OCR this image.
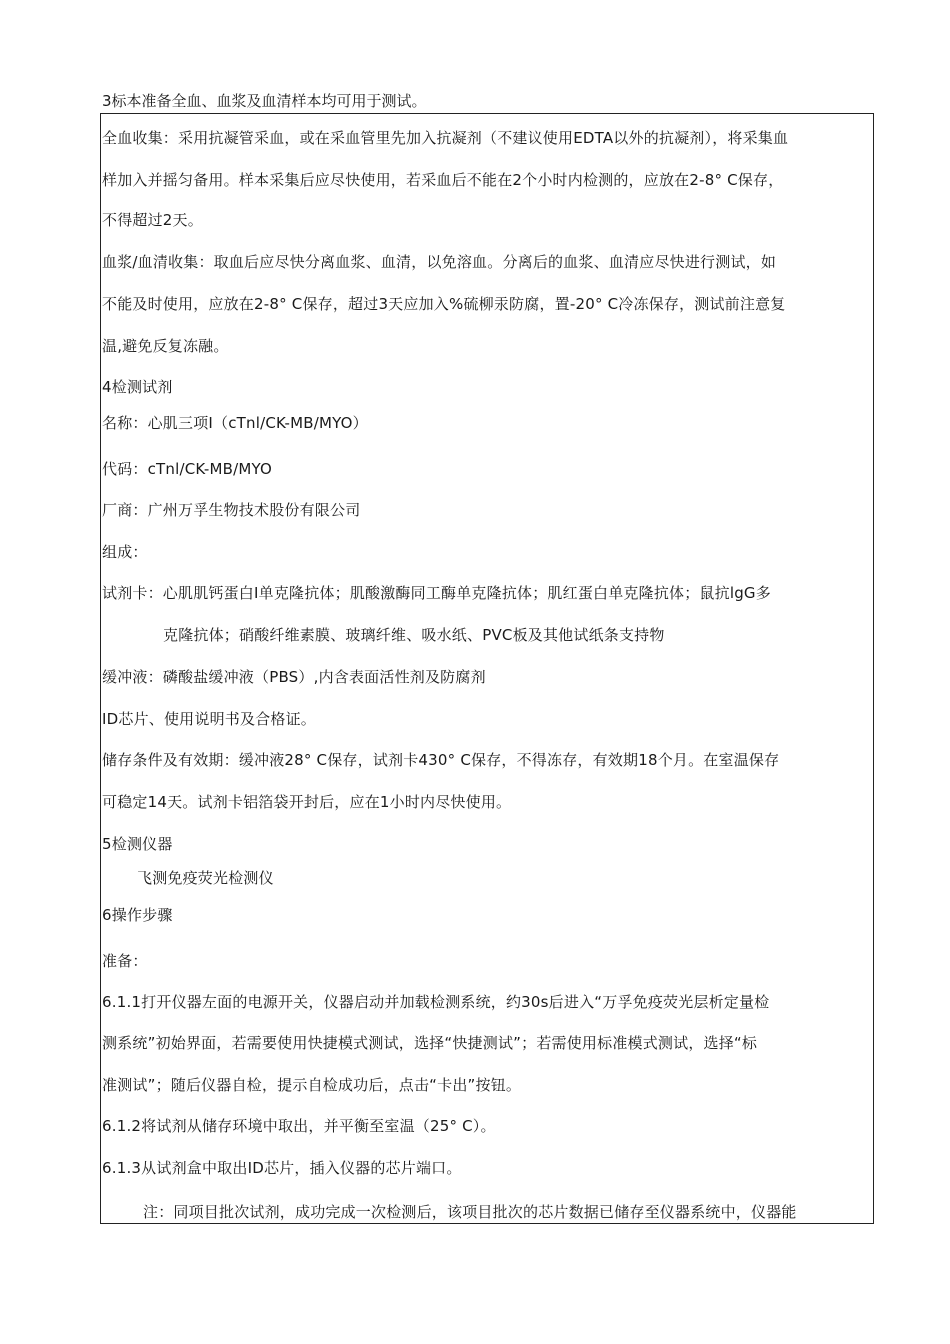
3标本准备全血、血浆及血清样本均可用于测试。
全血收集：采用抗凝管采血，或在采血管里先加入抗凝剂（不建议使用EDTA以外的抗凝剂），将采集血
样加入并摇匀备用。样本采集后应尽快使用，若采血后不能在2个小时内检测的，应放在2-8° C保存，
不得超过2天。
血浆/血清收集：取血后应尽快分离血浆、血清，以免溶血。分离后的血浆、血清应尽快进行测试，如
不能及时使用，应放在2-8° C保存，超过3天应加入%硫柳汞防腐，置-20° C冷冻保存，测试前注意复
温,避免反复冻融。
4检测试剂
名称：心肌三项I（cTnl/CK-MB/MYO）
代码：cTnl/CK-MB/MYO
厂商：广州万孚生物技术股份有限公司
组成：
试剂卡：心肌肌钙蛋白I单克隆抗体；肌酸激酶同工酶单克隆抗体；肌红蛋白单克隆抗体；鼠抗lgG多
克隆抗体；硝酸纤维素膜、玻璃纤维、吸水纸、PVC板及其他试纸条支持物
缓冲液：磷酸盐缓冲液（PBS）,内含表面活性剂及防腐剂
ID芯片、使用说明书及合格证。
储存条件及有效期：缓冲液28° C保存，试剂卡430° C保存，不得冻存，有效期18个月。在室温保存
可稳定14天。试剂卡铝箔袋开封后，应在1小时内尽快使用。
5检测仪器
飞测免疫荧光检测仪
6操作步骤
准备：
6.1.1打开仪器左面的电源开关，仪器启动并加载检测系统，约30s后进入“万孚免疫荧光层析定量检
测系统”初始界面，若需要使用快捷模式测试，选择“快捷测试”；若需使用标准模式测试，选择“标
准测试”；随后仪器自检，提示自检成功后，点击“卡出”按钮。
6.1.2将试剂从储存环境中取出，并平衡至室温（25° C）。
6.1.3从试剂盒中取出ID芯片，插入仪器的芯片端口。
注：同项目批次试剂，成功完成一次检测后，该项目批次的芯片数据已储存至仪器系统中，仪器能
